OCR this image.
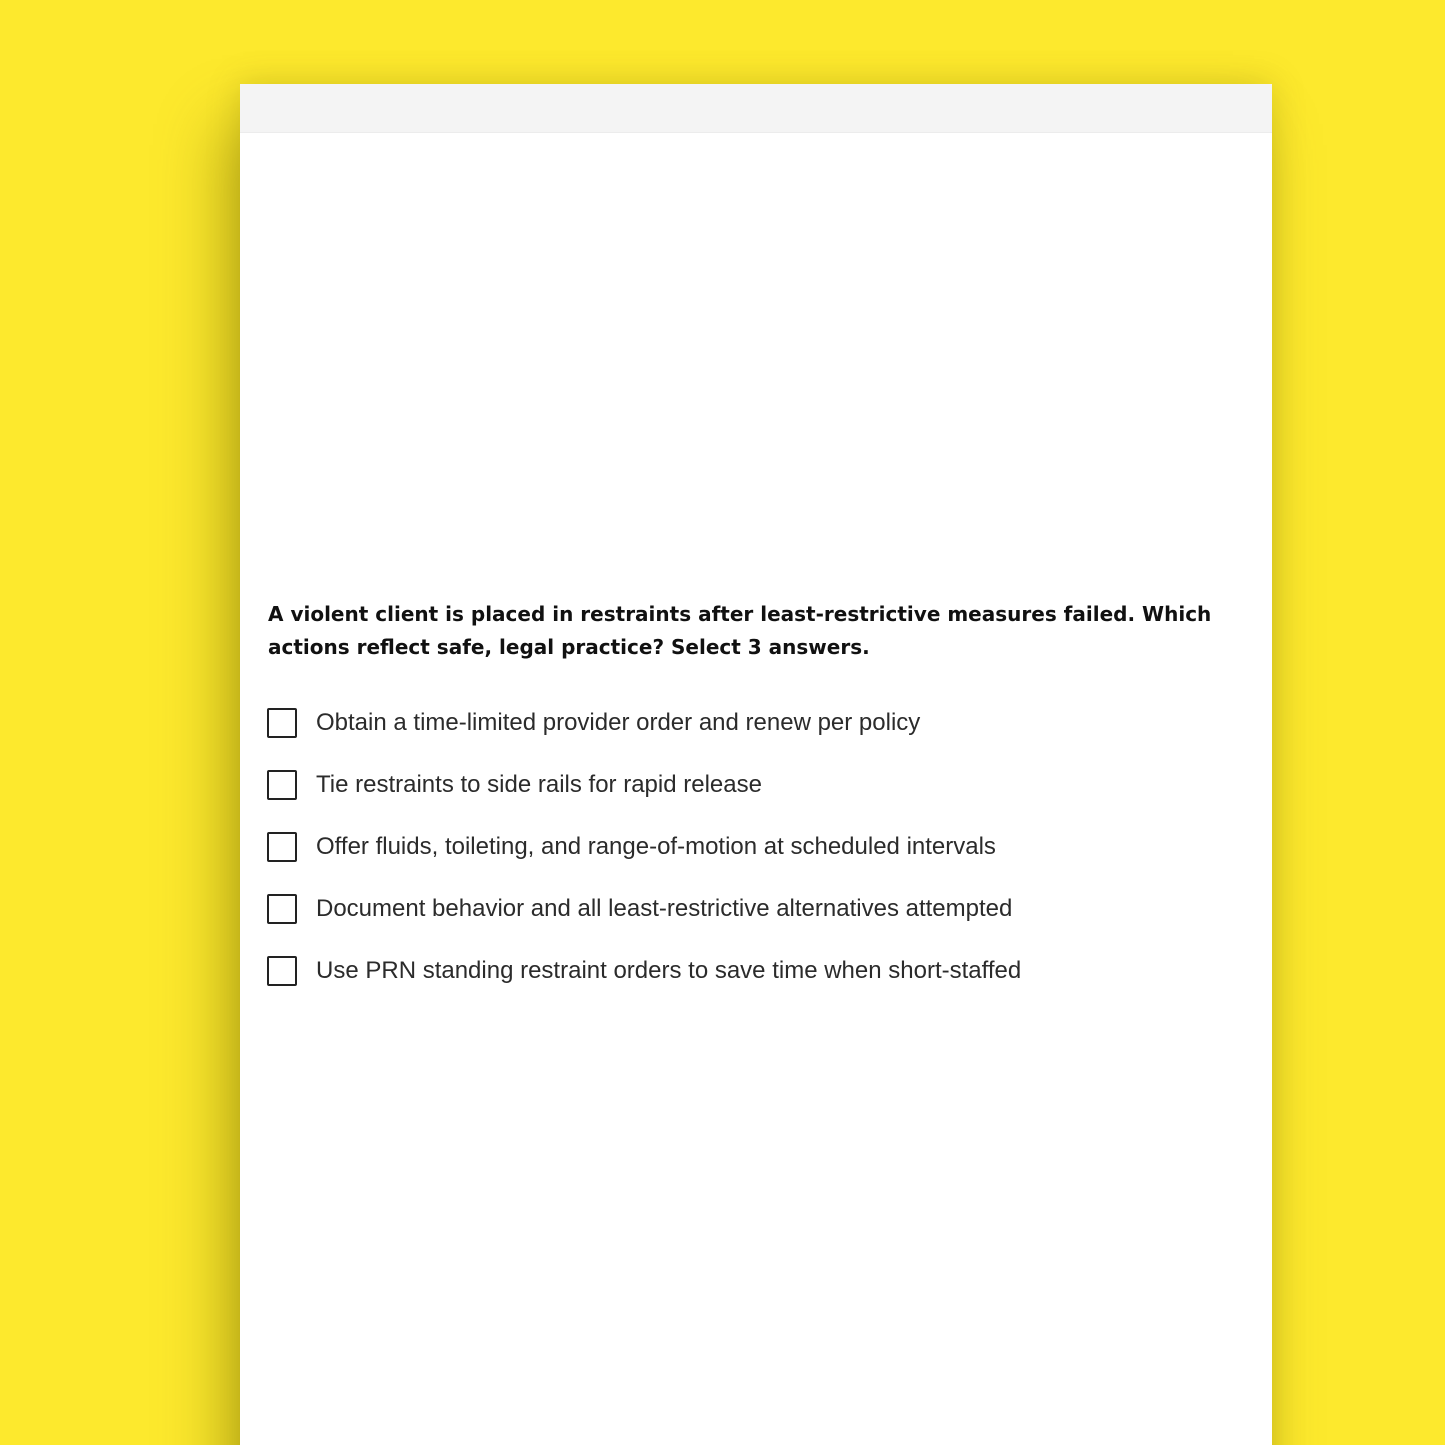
A violent client is placed in restraints after least-restrictive measures failed. Which actions reflect safe, legal practice? Select 3 answers.

Obtain a time-limited provider order and renew per policy
Tie restraints to side rails for rapid release
Offer fluids, toileting, and range-of-motion at scheduled intervals
Document behavior and all least-restrictive alternatives attempted
Use PRN standing restraint orders to save time when short-staffed
